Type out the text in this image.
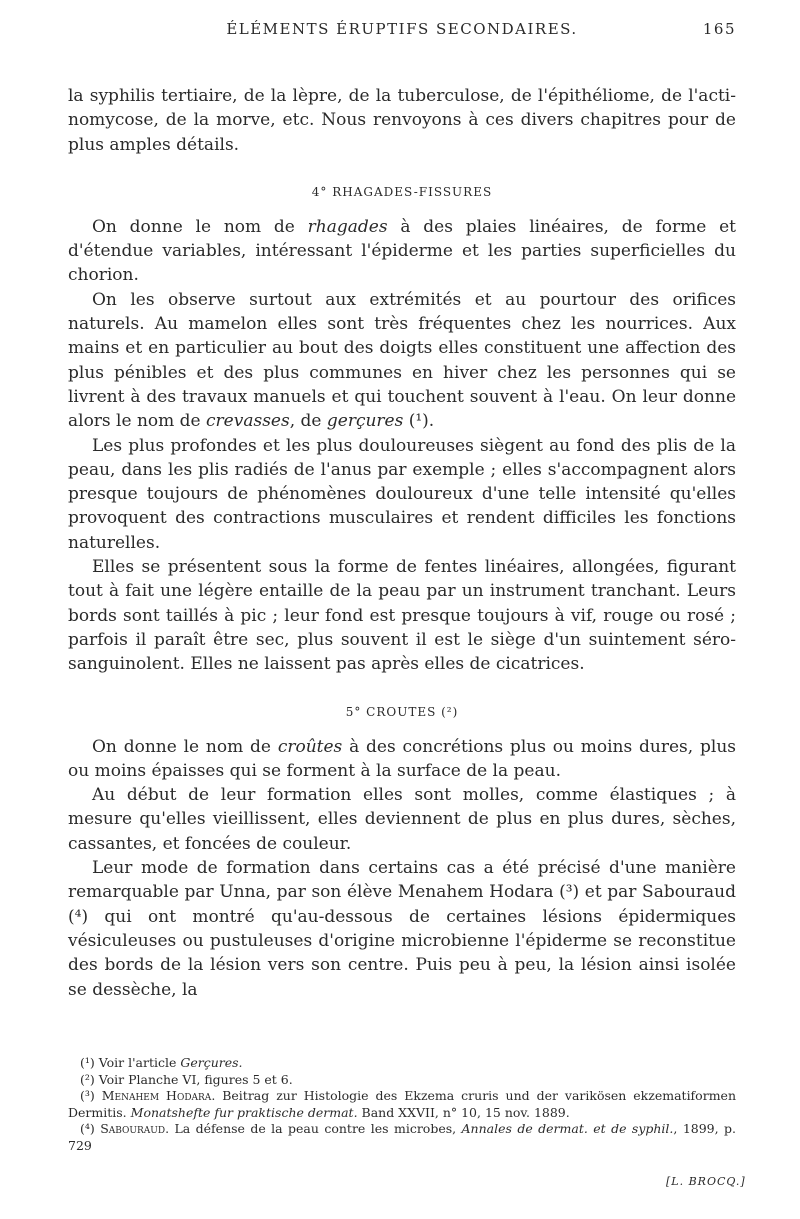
ÉLÉMENTS ÉRUPTIFS SECONDAIRES.	165

la syphilis tertiaire, de la lèpre, de la tuberculose, de l'épithéliome, de l'actinomycose, de la morve, etc. Nous renvoyons à ces divers chapitres pour de plus amples détails.

4° RHAGADES-FISSURES

On donne le nom de rhagades à des plaies linéaires, de forme et d'étendue variables, intéressant l'épiderme et les parties superficielles du chorion.

On les observe surtout aux extrémités et au pourtour des orifices naturels. Au mamelon elles sont très fréquentes chez les nourrices. Aux mains et en particulier au bout des doigts elles constituent une affection des plus pénibles et des plus communes en hiver chez les personnes qui se livrent à des travaux manuels et qui touchent souvent à l'eau. On leur donne alors le nom de crevasses, de gerçures (¹).

Les plus profondes et les plus douloureuses siègent au fond des plis de la peau, dans les plis radiés de l'anus par exemple ; elles s'accompagnent alors presque toujours de phénomènes douloureux d'une telle intensité qu'elles provoquent des contractions musculaires et rendent difficiles les fonctions naturelles.

Elles se présentent sous la forme de fentes linéaires, allongées, figurant tout à fait une légère entaille de la peau par un instrument tranchant. Leurs bords sont taillés à pic ; leur fond est presque toujours à vif, rouge ou rosé ; parfois il paraît être sec, plus souvent il est le siège d'un suintement séro-sanguinolent. Elles ne laissent pas après elles de cicatrices.

5° CROUTES (²)

On donne le nom de croûtes à des concrétions plus ou moins dures, plus ou moins épaisses qui se forment à la surface de la peau.

Au début de leur formation elles sont molles, comme élastiques ; à mesure qu'elles vieillissent, elles deviennent de plus en plus dures, sèches, cassantes, et foncées de couleur.

Leur mode de formation dans certains cas a été précisé d'une manière remarquable par Unna, par son élève Menahem Hodara (³) et par Sabouraud (⁴) qui ont montré qu'au-dessous de certaines lésions épidermiques vésiculeuses ou pustuleuses d'origine microbienne l'épiderme se reconstitue des bords de la lésion vers son centre. Puis peu à peu, la lésion ainsi isolée se dessèche, la

(¹) Voir l'article Gerçures.

(²) Voir Planche VI, figures 5 et 6.

(³) Menahem Hodara. Beitrag zur Histologie des Ekzema cruris und der varikösen ekzematiformen Dermitis. Monatshefte fur praktische dermat. Band XXVII, n° 10, 15 nov. 1889.

(⁴) Sabouraud. La défense de la peau contre les microbes, Annales de dermat. et de syphil., 1899, p. 729

[L. BROCQ.]
